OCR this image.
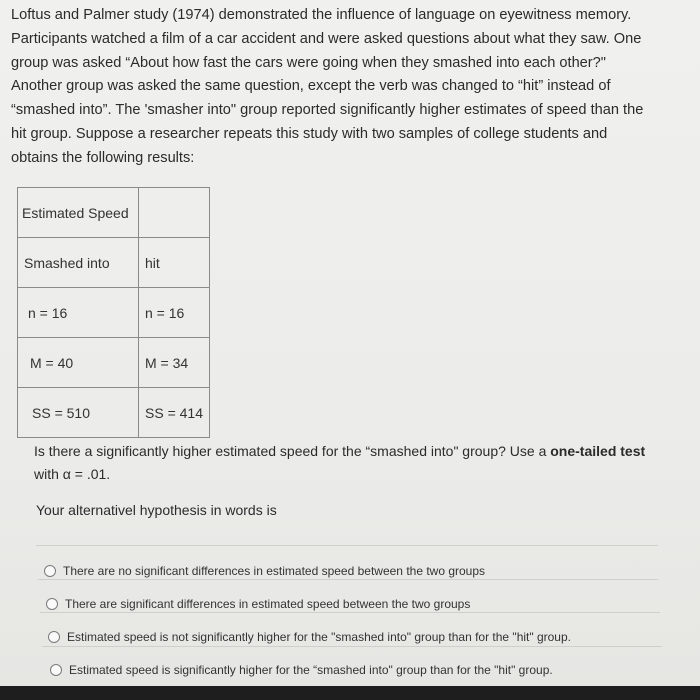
Loftus and Palmer study (1974) demonstrated the influence of language on eyewitness memory.

Participants watched a film of a car accident and were asked questions about what they saw. One

group was asked “About how fast the cars were going when they smashed into each other?"

Another group was asked the same question, except the verb was changed to “hit” instead of

“smashed into”. The 'smasher into" group reported significantly higher estimates of speed than the

hit group. Suppose a researcher repeats this study with two samples of college students and

obtains the following results:

Estimated Speed	
Smashed into	hit
n = 16	n = 16
M = 40	M = 34
SS = 510	SS = 414

Is there a significantly higher estimated speed for the “smashed into" group? Use a one-tailed test

with α = .01.

Your alternativel hypothesis in words is
There are no significant differences in estimated speed between the two groups
There are significant differences in estimated speed between the two groups
Estimated speed is not significantly higher for the "smashed into" group than for the "hit" group.
Estimated speed is significantly higher for the “smashed into" group than for the "hit" group.
